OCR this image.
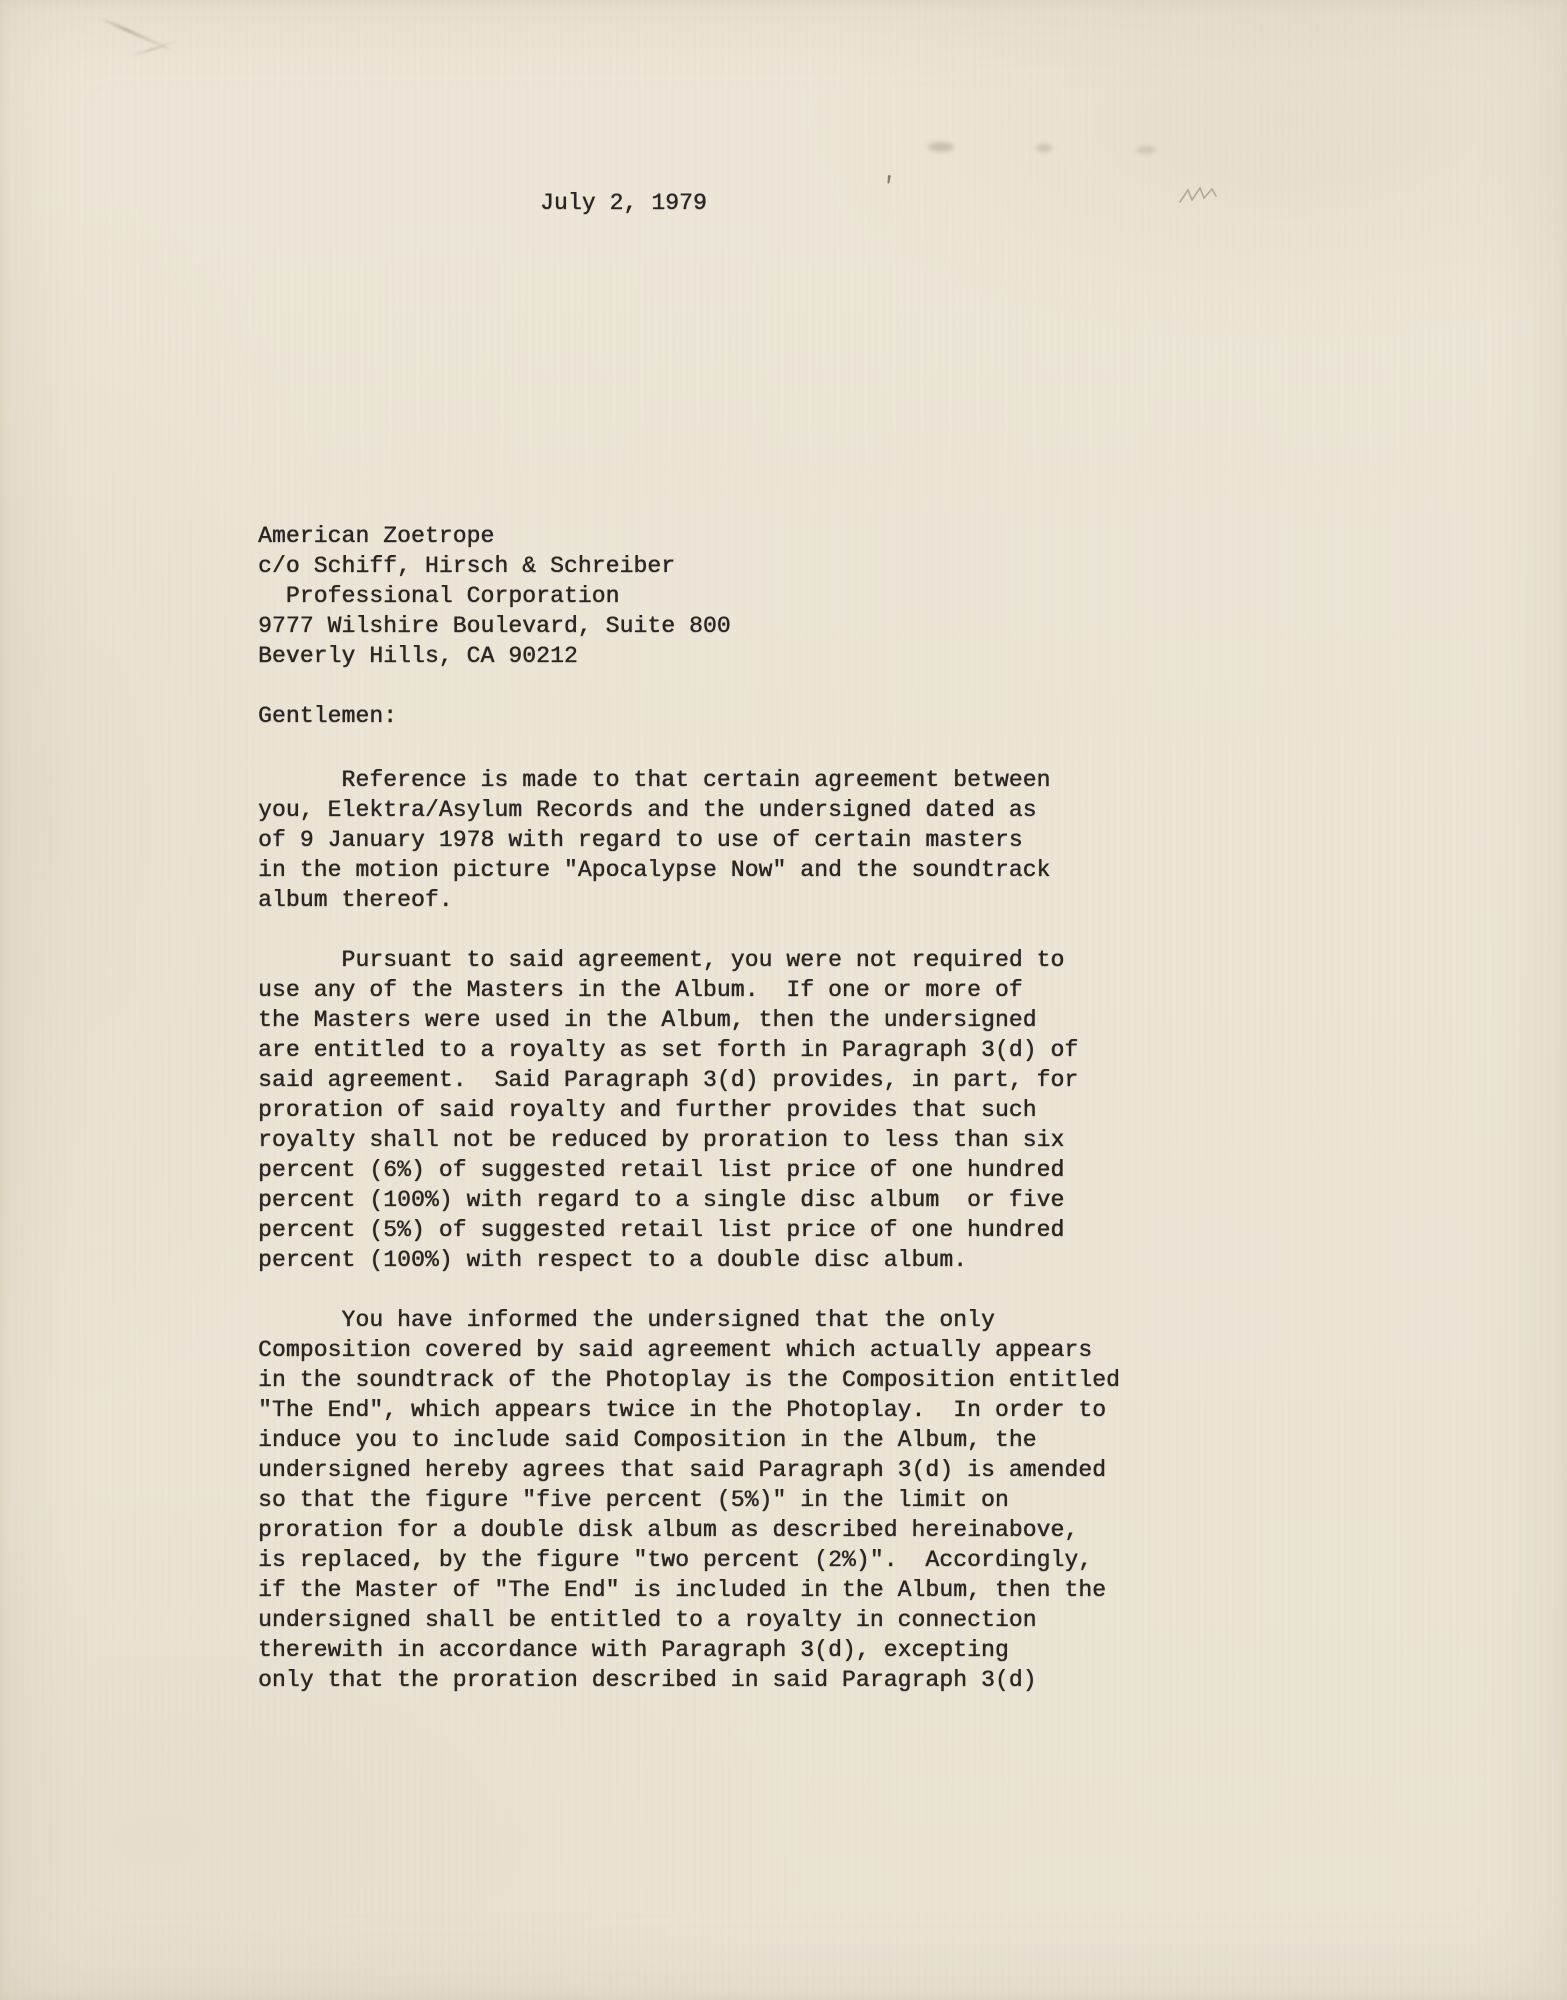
'
July 2, 1979
American Zoetrope
c/o Schiff, Hirsch & Schreiber
Professional Corporation
9777 Wilshire Boulevard, Suite 800
Beverly Hills, CA 90212
Gentlemen:
Reference is made to that certain agreement between
you, Elektra/Asylum Records and the undersigned dated as
of 9 January 1978 with regard to use of certain masters
in the motion picture "Apocalypse Now" and the soundtrack
album thereof.
Pursuant to said agreement, you were not required to
use any of the Masters in the Album.  If one or more of
the Masters were used in the Album, then the undersigned
are entitled to a royalty as set forth in Paragraph 3(d) of
said agreement.  Said Paragraph 3(d) provides, in part, for
proration of said royalty and further provides that such
royalty shall not be reduced by proration to less than six
percent (6%) of suggested retail list price of one hundred
percent (100%) with regard to a single disc album  or five
percent (5%) of suggested retail list price of one hundred
percent (100%) with respect to a double disc album.
You have informed the undersigned that the only
Composition covered by said agreement which actually appears
in the soundtrack of the Photoplay is the Composition entitled
"The End", which appears twice in the Photoplay.  In order to
induce you to include said Composition in the Album, the
undersigned hereby agrees that said Paragraph 3(d) is amended
so that the figure "five percent (5%)" in the limit on
proration for a double disk album as described hereinabove,
is replaced, by the figure "two percent (2%)".  Accordingly,
if the Master of "The End" is included in the Album, then the
undersigned shall be entitled to a royalty in connection
therewith in accordance with Paragraph 3(d), excepting
only that the proration described in said Paragraph 3(d)
